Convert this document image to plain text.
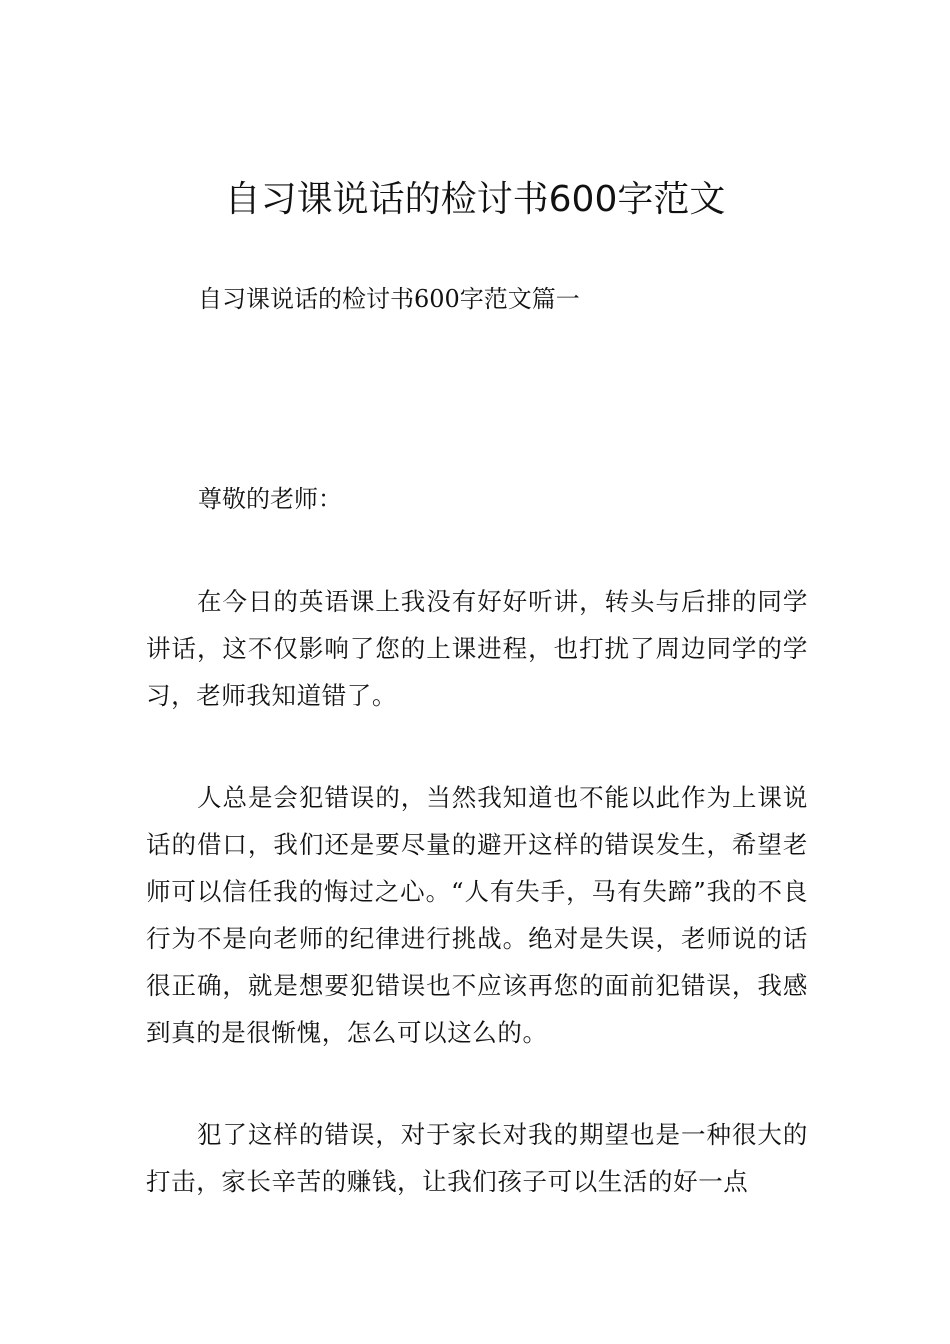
自习课说话的检讨书600字范文
自习课说话的检讨书600字范文篇一
尊敬的老师：

在今日的英语课上我没有好好听讲，转头与后排的同学讲话，这不仅影响了您的上课进程，也打扰了周边同学的学习，老师我知道错了。

人总是会犯错误的，当然我知道也不能以此作为上课说话的借口，我们还是要尽量的避开这样的错误发生，希望老师可以信任我的悔过之心。“人有失手，马有失蹄”我的不良行为不是向老师的纪律进行挑战。绝对是失误，老师说的话很正确，就是想要犯错误也不应该再您的面前犯错误，我感到真的是很惭愧，怎么可以这么的。

犯了这样的错误，对于家长对我的期望也是一种很大的打击，家长辛苦的赚钱，让我们孩子可以生活的好一点
